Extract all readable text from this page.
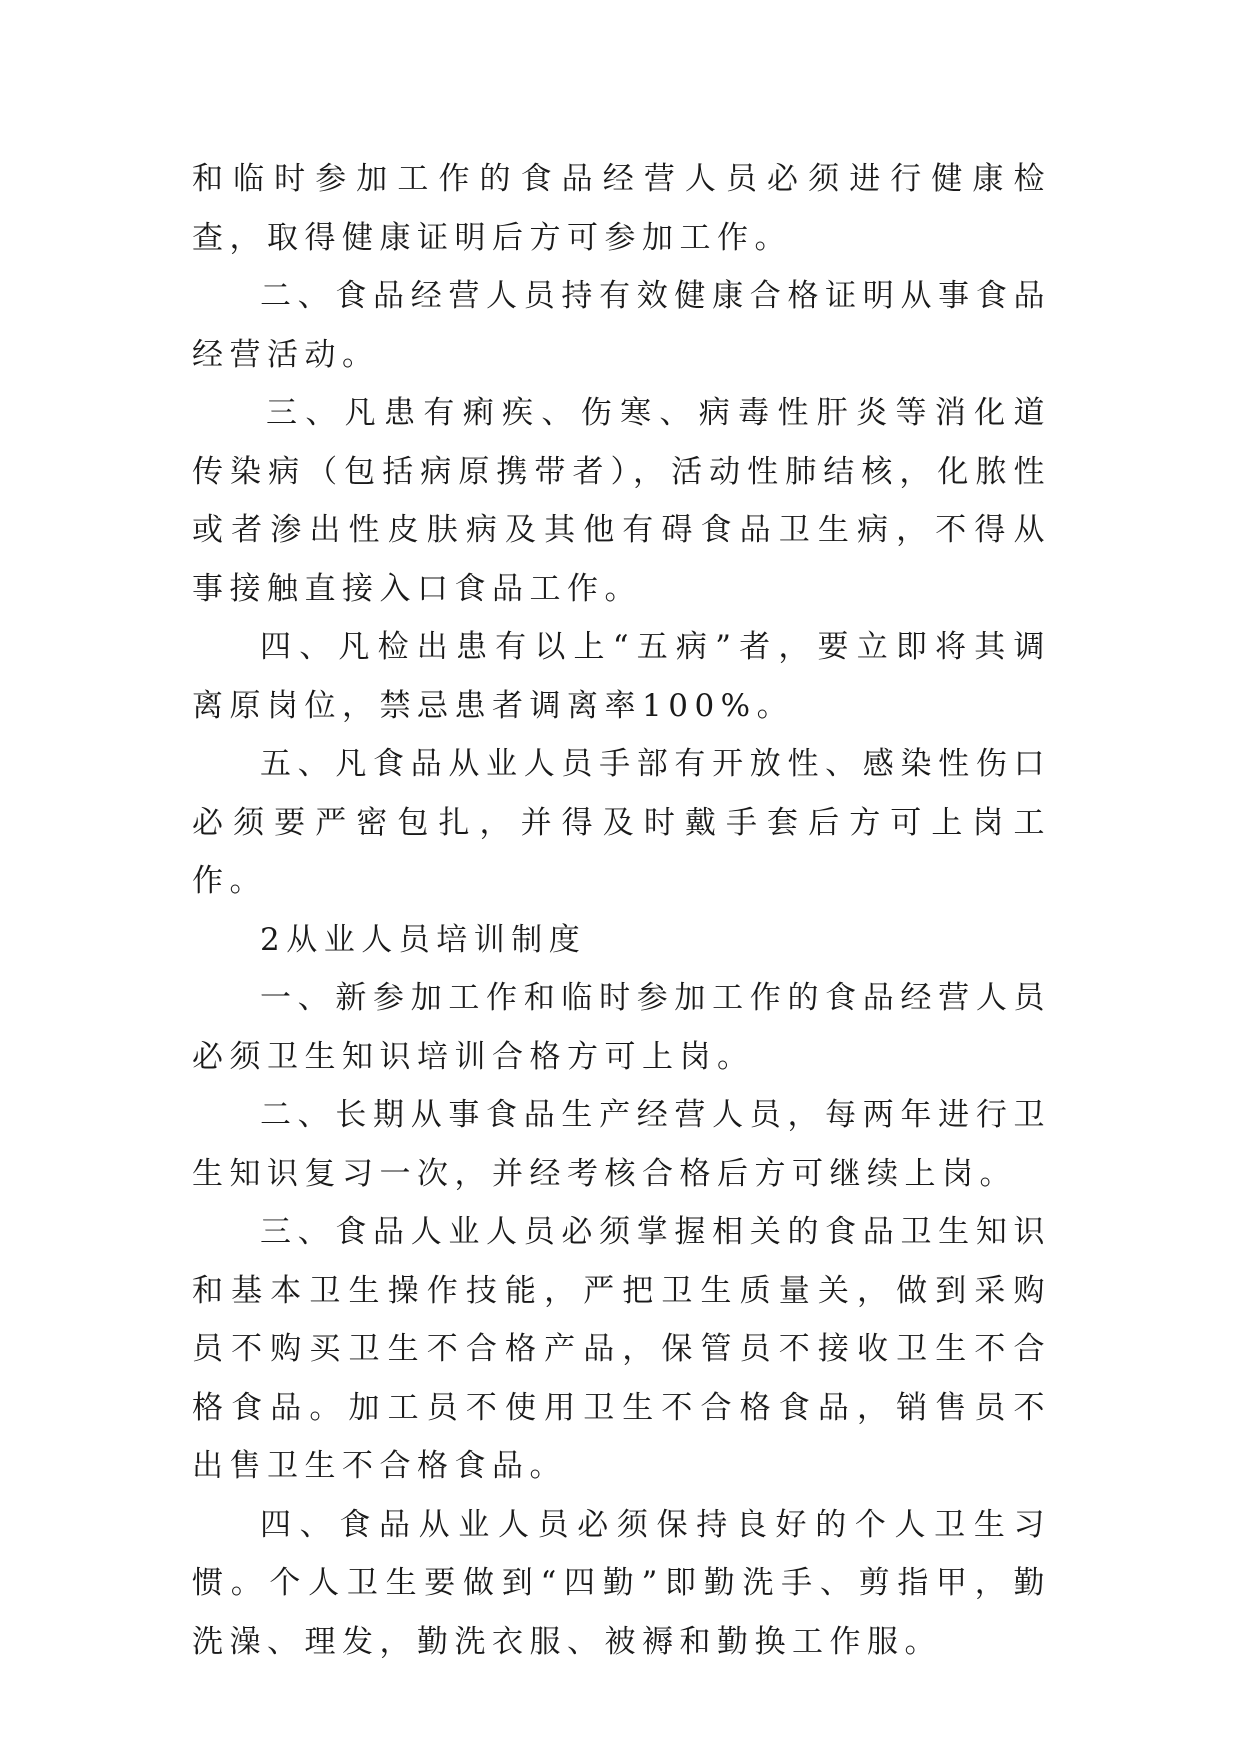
和临时参加工作的食品经营人员必须进行健康检查，取得健康证明后方可参加工作。

二、食品经营人员持有效健康合格证明从事食品经营活动。

三、凡患有痢疾、伤寒、病毒性肝炎等消化道传染病（包括病原携带者），活动性肺结核，化脓性或者渗出性皮肤病及其他有碍食品卫生病，不得从事接触直接入口食品工作。

四、凡检出患有以上“五病”者，要立即将其调离原岗位，禁忌患者调离率100%。

五、凡食品从业人员手部有开放性、感染性伤口必须要严密包扎，并得及时戴手套后方可上岗工作。

2从业人员培训制度

一、新参加工作和临时参加工作的食品经营人员必须卫生知识培训合格方可上岗。

二、长期从事食品生产经营人员，每两年进行卫生知识复习一次，并经考核合格后方可继续上岗。

三、食品人业人员必须掌握相关的食品卫生知识和基本卫生操作技能，严把卫生质量关，做到采购员不购买卫生不合格产品，保管员不接收卫生不合格食品。加工员不使用卫生不合格食品，销售员不出售卫生不合格食品。

四、食品从业人员必须保持良好的个人卫生习惯。个人卫生要做到“四勤”即勤洗手、剪指甲，勤洗澡、理发，勤洗衣服、被褥和勤换工作服。
